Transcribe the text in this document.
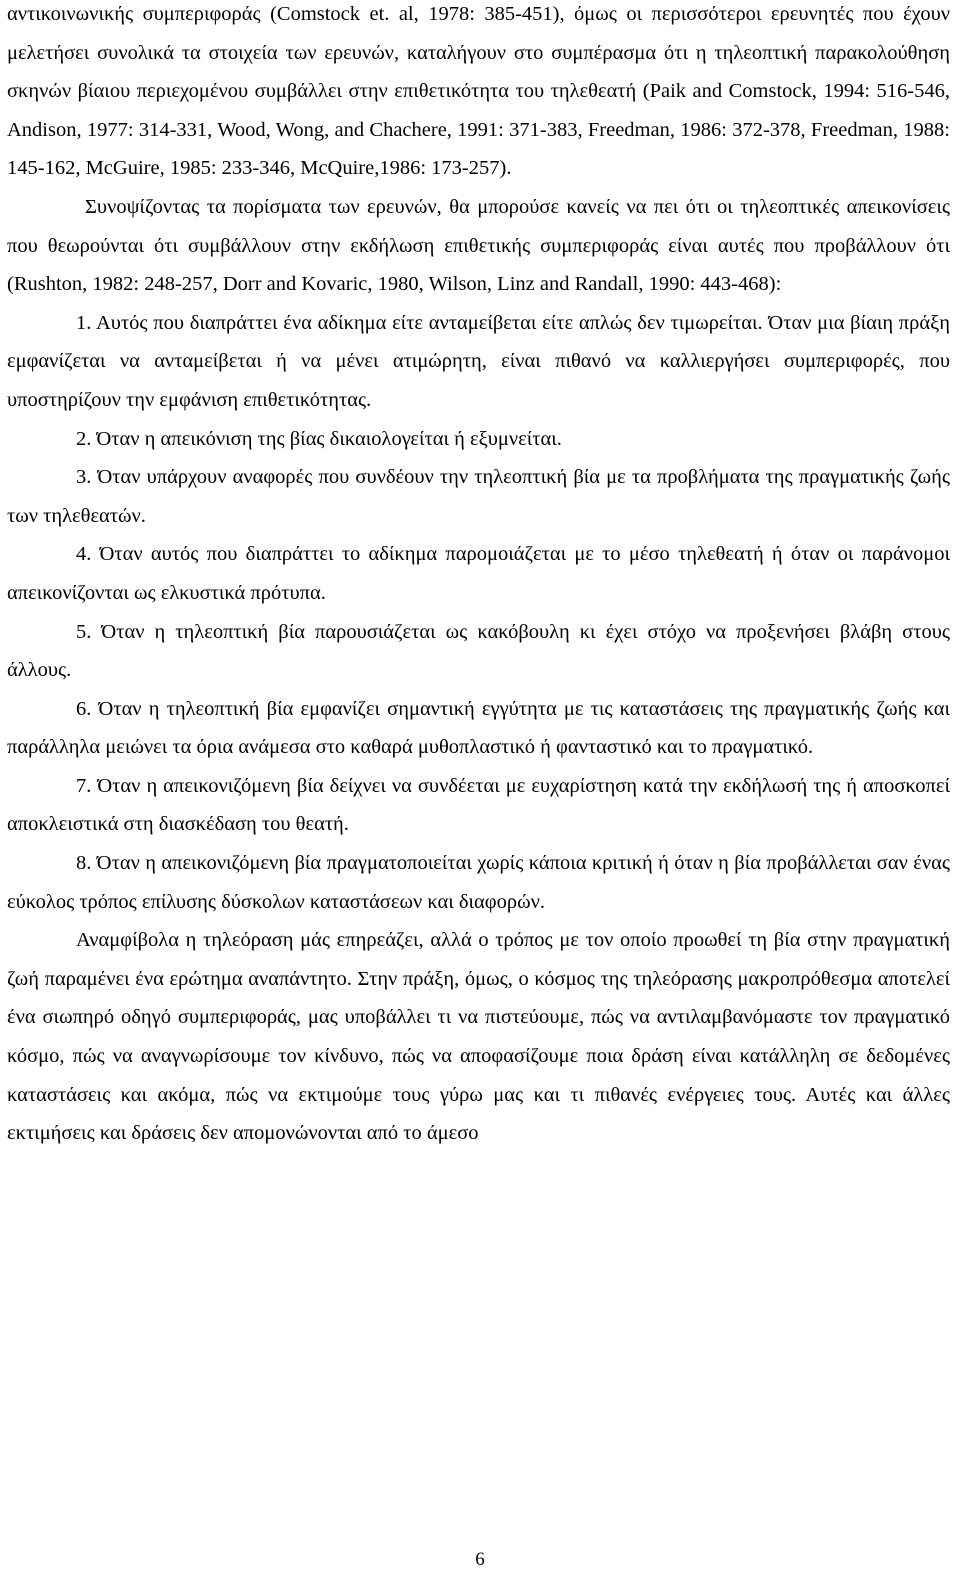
αντικοινωνικής συμπεριφοράς (Comstock et. al, 1978: 385-451), όμως οι περισσότεροι ερευνητές που έχουν μελετήσει συνολικά τα στοιχεία των ερευνών, καταλήγουν στο συμπέρασμα ότι η τηλεοπτική παρακολούθηση σκηνών βίαιου περιεχομένου συμβάλλει στην επιθετικότητα του τηλεθεατή (Paik and Comstock, 1994: 516-546, Andison, 1977: 314-331, Wood, Wong, and Chachere, 1991: 371-383, Freedman, 1986: 372-378, Freedman, 1988: 145-162, McGuire, 1985: 233-346, McQuire,1986: 173-257).

Συνοψίζοντας τα πορίσματα των ερευνών, θα μπορούσε κανείς να πει ότι οι τηλεοπτικές απεικονίσεις που θεωρούνται ότι συμβάλλουν στην εκδήλωση επιθετικής συμπεριφοράς είναι αυτές που προβάλλουν ότι (Rushton, 1982: 248-257, Dorr and Kovaric, 1980, Wilson, Linz and Randall, 1990: 443-468):

1. Αυτός που διαπράττει ένα αδίκημα είτε ανταμείβεται είτε απλώς δεν τιμωρείται. Όταν μια βίαιη πράξη εμφανίζεται να ανταμείβεται ή να μένει ατιμώρητη, είναι πιθανό να καλλιεργήσει συμπεριφορές, που υποστηρίζουν την εμφάνιση επιθετικότητας.

2. Όταν η απεικόνιση της βίας δικαιολογείται ή εξυμνείται.

3. Όταν υπάρχουν αναφορές που συνδέουν την τηλεοπτική βία με τα προβλήματα της πραγματικής ζωής των τηλεθεατών.

4. Όταν αυτός που διαπράττει το αδίκημα παρομοιάζεται με το μέσο τηλεθεατή ή όταν οι παράνομοι απεικονίζονται ως ελκυστικά πρότυπα.

5. Όταν η τηλεοπτική βία παρουσιάζεται ως κακόβουλη κι έχει στόχο να προξενήσει βλάβη στους άλλους.

6. Όταν η τηλεοπτική βία εμφανίζει σημαντική εγγύτητα με τις καταστάσεις της πραγματικής ζωής και παράλληλα μειώνει τα όρια ανάμεσα στο καθαρά μυθοπλαστικό ή φανταστικό και το πραγματικό.

7. Όταν η απεικονιζόμενη βία δείχνει να συνδέεται με ευχαρίστηση κατά την εκδήλωσή της ή αποσκοπεί αποκλειστικά στη διασκέδαση του θεατή.

8. Όταν η απεικονιζόμενη βία πραγματοποιείται χωρίς κάποια κριτική ή όταν η βία προβάλλεται σαν ένας εύκολος τρόπος επίλυσης δύσκολων καταστάσεων και διαφορών.

Αναμφίβολα η τηλεόραση μάς επηρεάζει, αλλά ο τρόπος με τον οποίο προωθεί τη βία στην πραγματική ζωή παραμένει ένα ερώτημα αναπάντητο. Στην πράξη, όμως, ο κόσμος της τηλεόρασης μακροπρόθεσμα αποτελεί ένα σιωπηρό οδηγό συμπεριφοράς, μας υποβάλλει τι να πιστεύουμε, πώς να αντιλαμβανόμαστε τον πραγματικό κόσμο, πώς να αναγνωρίσουμε τον κίνδυνο, πώς να αποφασίζουμε ποια δράση είναι κατάλληλη σε δεδομένες καταστάσεις και ακόμα, πώς να εκτιμούμε τους γύρω μας και τι πιθανές ενέργειες τους. Αυτές και άλλες εκτιμήσεις και δράσεις δεν απομονώνονται από το άμεσο

6
